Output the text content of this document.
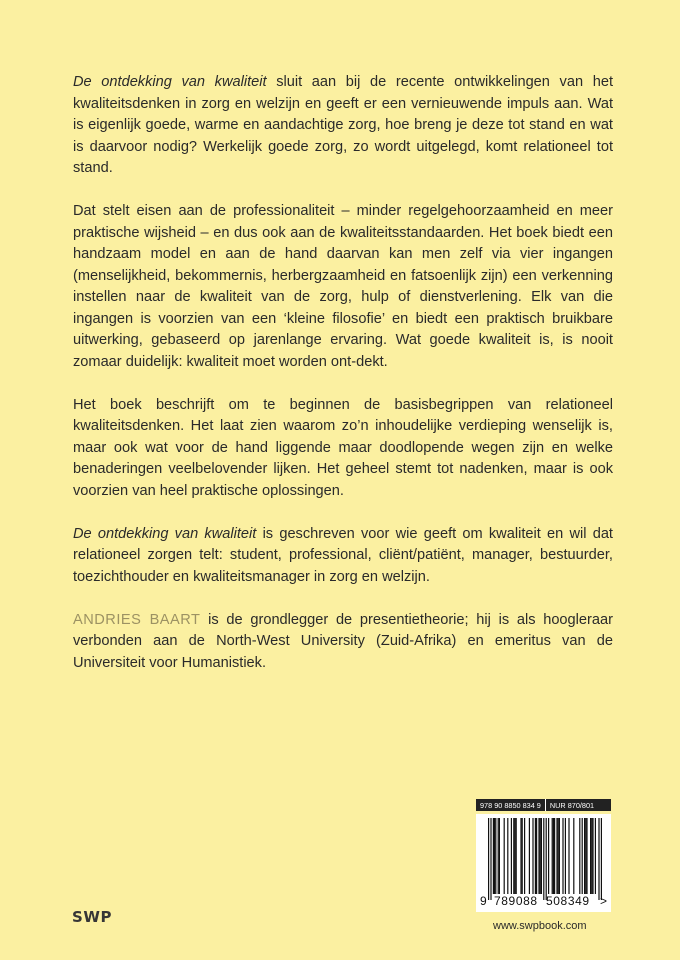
De ontdekking van kwaliteit sluit aan bij de recente ontwikkelingen van het kwaliteitsdenken in zorg en welzijn en geeft er een vernieuwende impuls aan. Wat is eigenlijk goede, warme en aandachtige zorg, hoe breng je deze tot stand en wat is daarvoor nodig? Werkelijk goede zorg, zo wordt uitgelegd, komt relationeel tot stand.

Dat stelt eisen aan de professionaliteit – minder regelgehoorzaamheid en meer praktische wijsheid – en dus ook aan de kwaliteitsstandaarden. Het boek biedt een handzaam model en aan de hand daarvan kan men zelf via vier ingangen (menselijkheid, bekommernis, herbergzaamheid en fatsoenlijk zijn) een verkenning instellen naar de kwaliteit van de zorg, hulp of dienstverlening. Elk van die ingangen is voorzien van een ‘kleine filosofie’ en biedt een praktisch bruikbare uitwerking, gebaseerd op jarenlange ervaring. Wat goede kwaliteit is, is nooit zomaar duidelijk: kwaliteit moet worden ont-dekt.

Het boek beschrijft om te beginnen de basisbegrippen van relationeel kwaliteitsdenken. Het laat zien waarom zo’n inhoudelijke verdieping wenselijk is, maar ook wat voor de hand liggende maar doodlopende wegen zijn en welke benaderingen veelbelovender lijken. Het geheel stemt tot nadenken, maar is ook voorzien van heel praktische oplossingen.

De ontdekking van kwaliteit is geschreven voor wie geeft om kwaliteit en wil dat relationeel zorgen telt: student, professional, cliënt/patiënt, manager, bestuurder, toezichthouder en kwaliteitsmanager in zorg en welzijn.

ANDRIES BAART is de grondlegger de presentietheorie; hij is als hoogleraar verbonden aan de North-West University (Zuid-Afrika) en emeritus van de Universiteit voor Humanistiek.

978 90 8850 834 9	NUR 870/801
9 789088 508349 >
SWP	www.swpbook.com
